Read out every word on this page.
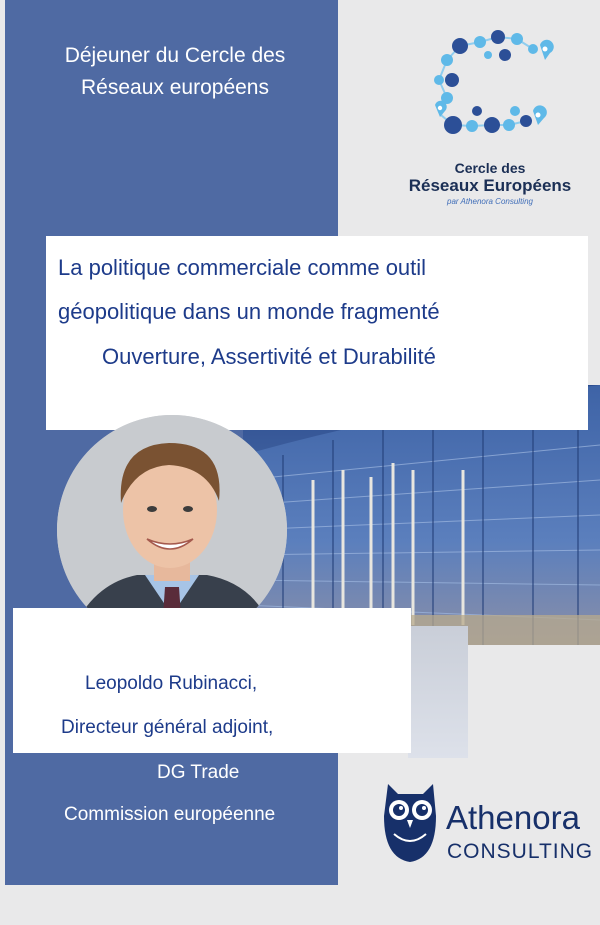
Déjeuner du Cercle des
Réseaux européens
Cercle des
Réseaux Européens
par Athenora Consulting
La politique commerciale comme outil
géopolitique dans un monde fragmenté
Ouverture, Assertivité et Durabilité
Leopoldo Rubinacci,
Directeur général adjoint,
DG Trade
Commission européenne	Athenora
CONSULTING
